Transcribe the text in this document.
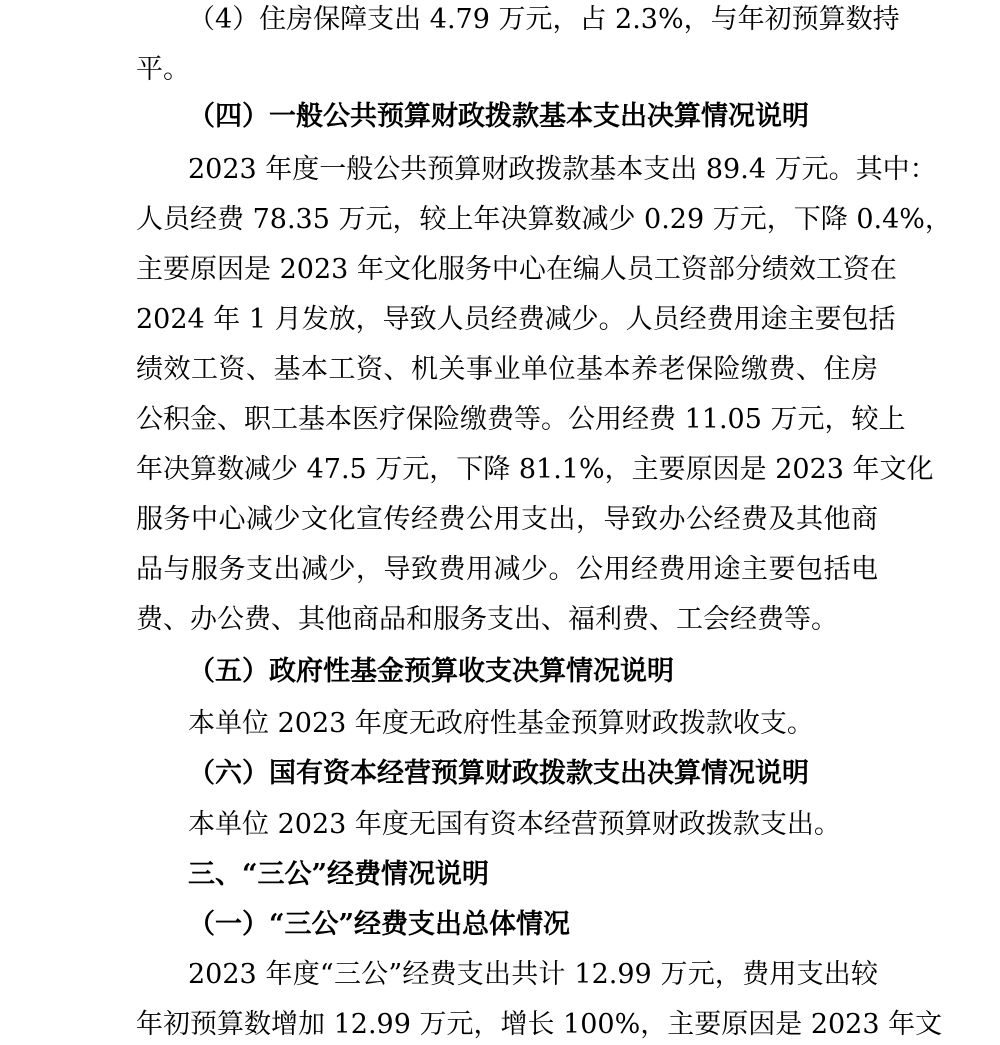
（4）住房保障支出 4.79 万元，占 2.3%，与年初预算数持
平。
（四）一般公共预算财政拨款基本支出决算情况说明
2023 年度一般公共预算财政拨款基本支出 89.4 万元。其中：
人员经费 78.35 万元，较上年决算数减少 0.29 万元，下降 0.4%，
主要原因是 2023 年文化服务中心在编人员工资部分绩效工资在
2024 年 1 月发放，导致人员经费减少。人员经费用途主要包括
绩效工资、基本工资、机关事业单位基本养老保险缴费、住房
公积金、职工基本医疗保险缴费等。公用经费 11.05 万元，较上
年决算数减少 47.5 万元，下降 81.1%，主要原因是 2023 年文化
服务中心减少文化宣传经费公用支出，导致办公经费及其他商
品与服务支出减少，导致费用减少。公用经费用途主要包括电
费、办公费、其他商品和服务支出、福利费、工会经费等。
（五）政府性基金预算收支决算情况说明
本单位 2023 年度无政府性基金预算财政拨款收支。
（六）国有资本经营预算财政拨款支出决算情况说明
本单位 2023 年度无国有资本经营预算财政拨款支出。
三、“三公”经费情况说明
（一）“三公”经费支出总体情况
2023 年度“三公”经费支出共计 12.99 万元，费用支出较
年初预算数增加 12.99 万元，增长 100%，主要原因是 2023 年文
